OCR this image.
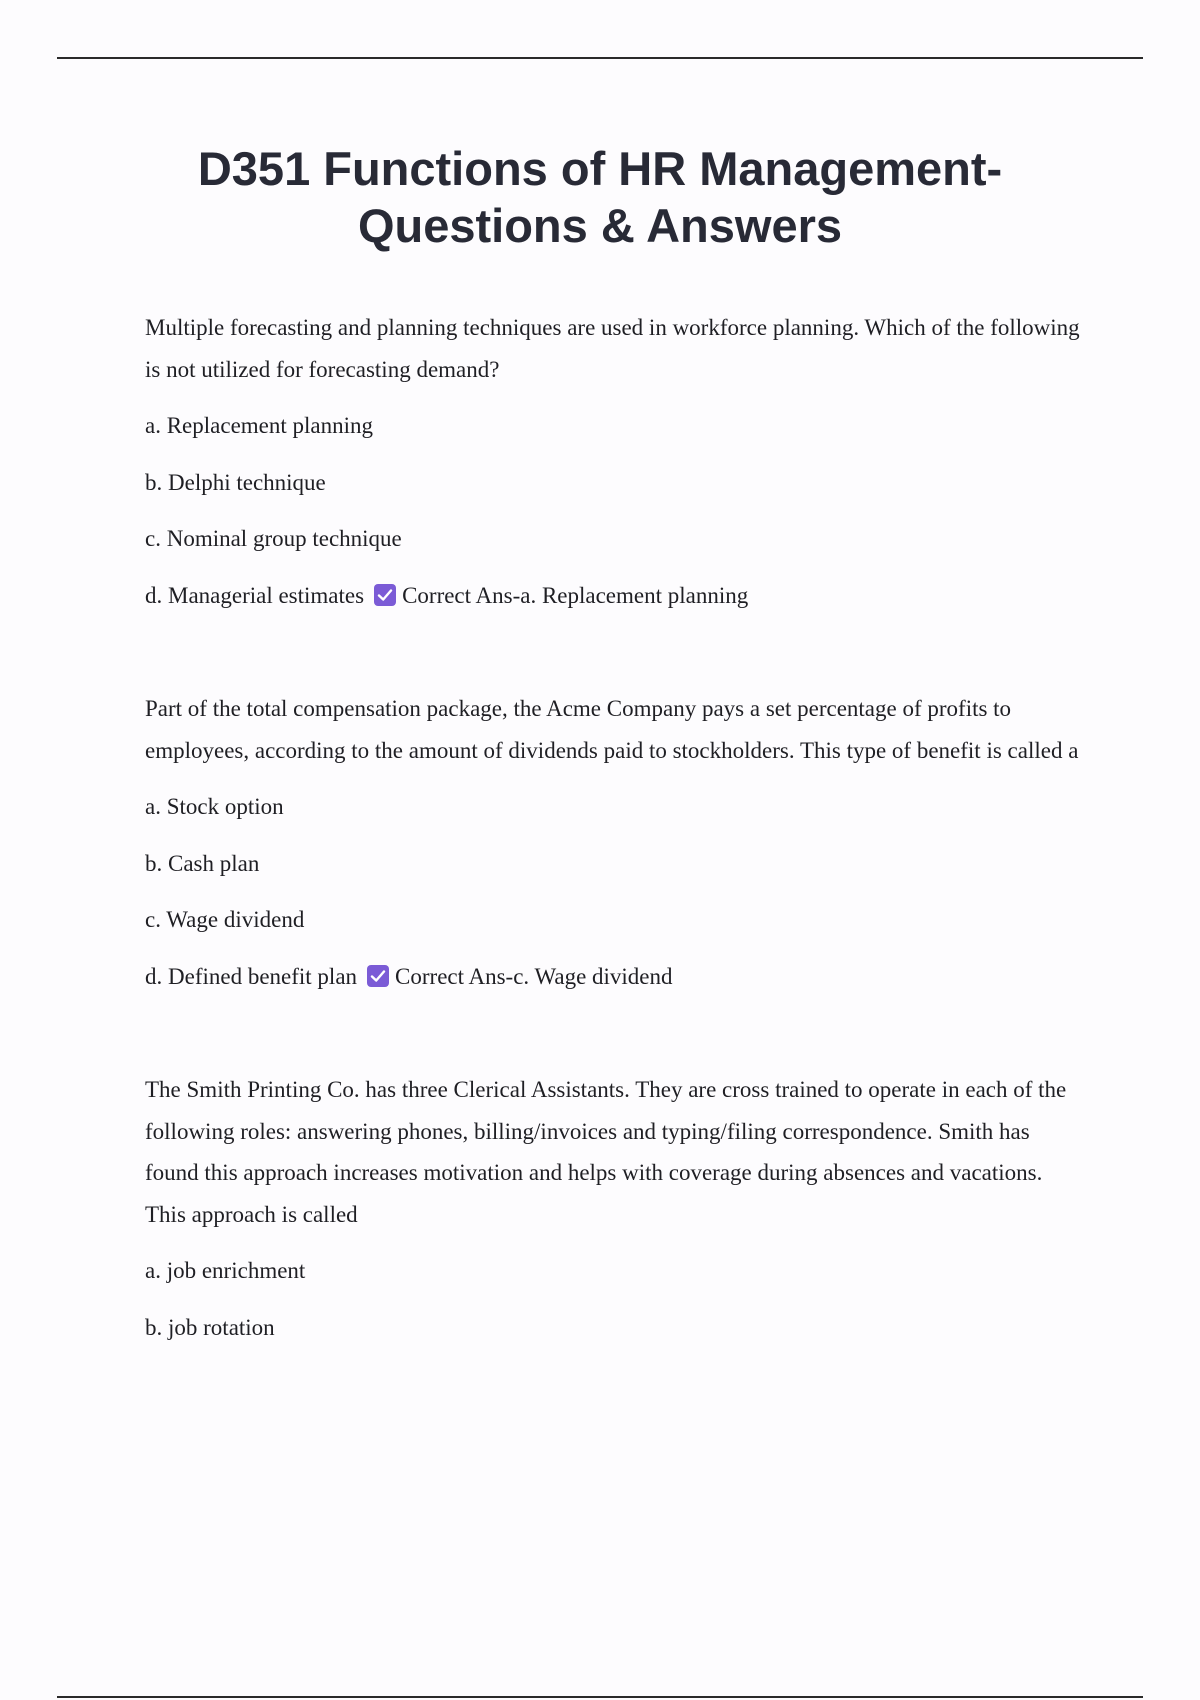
D351 Functions of HR Management-
Questions & Answers

Multiple forecasting and planning techniques are used in workforce planning. Which of the following is not utilized for forecasting demand?

a. Replacement planning

b. Delphi technique

c. Nominal group technique

d. Managerial estimates Correct Ans-a. Replacement planning

Part of the total compensation package, the Acme Company pays a set percentage of profits to employees, according to the amount of dividends paid to stockholders. This type of benefit is called a

a. Stock option

b. Cash plan

c. Wage dividend

d. Defined benefit plan Correct Ans-c. Wage dividend

The Smith Printing Co. has three Clerical Assistants. They are cross trained to operate in each of the following roles: answering phones, billing/invoices and typing/filing correspondence. Smith has found this approach increases motivation and helps with coverage during absences and vacations. This approach is called

a. job enrichment

b. job rotation
